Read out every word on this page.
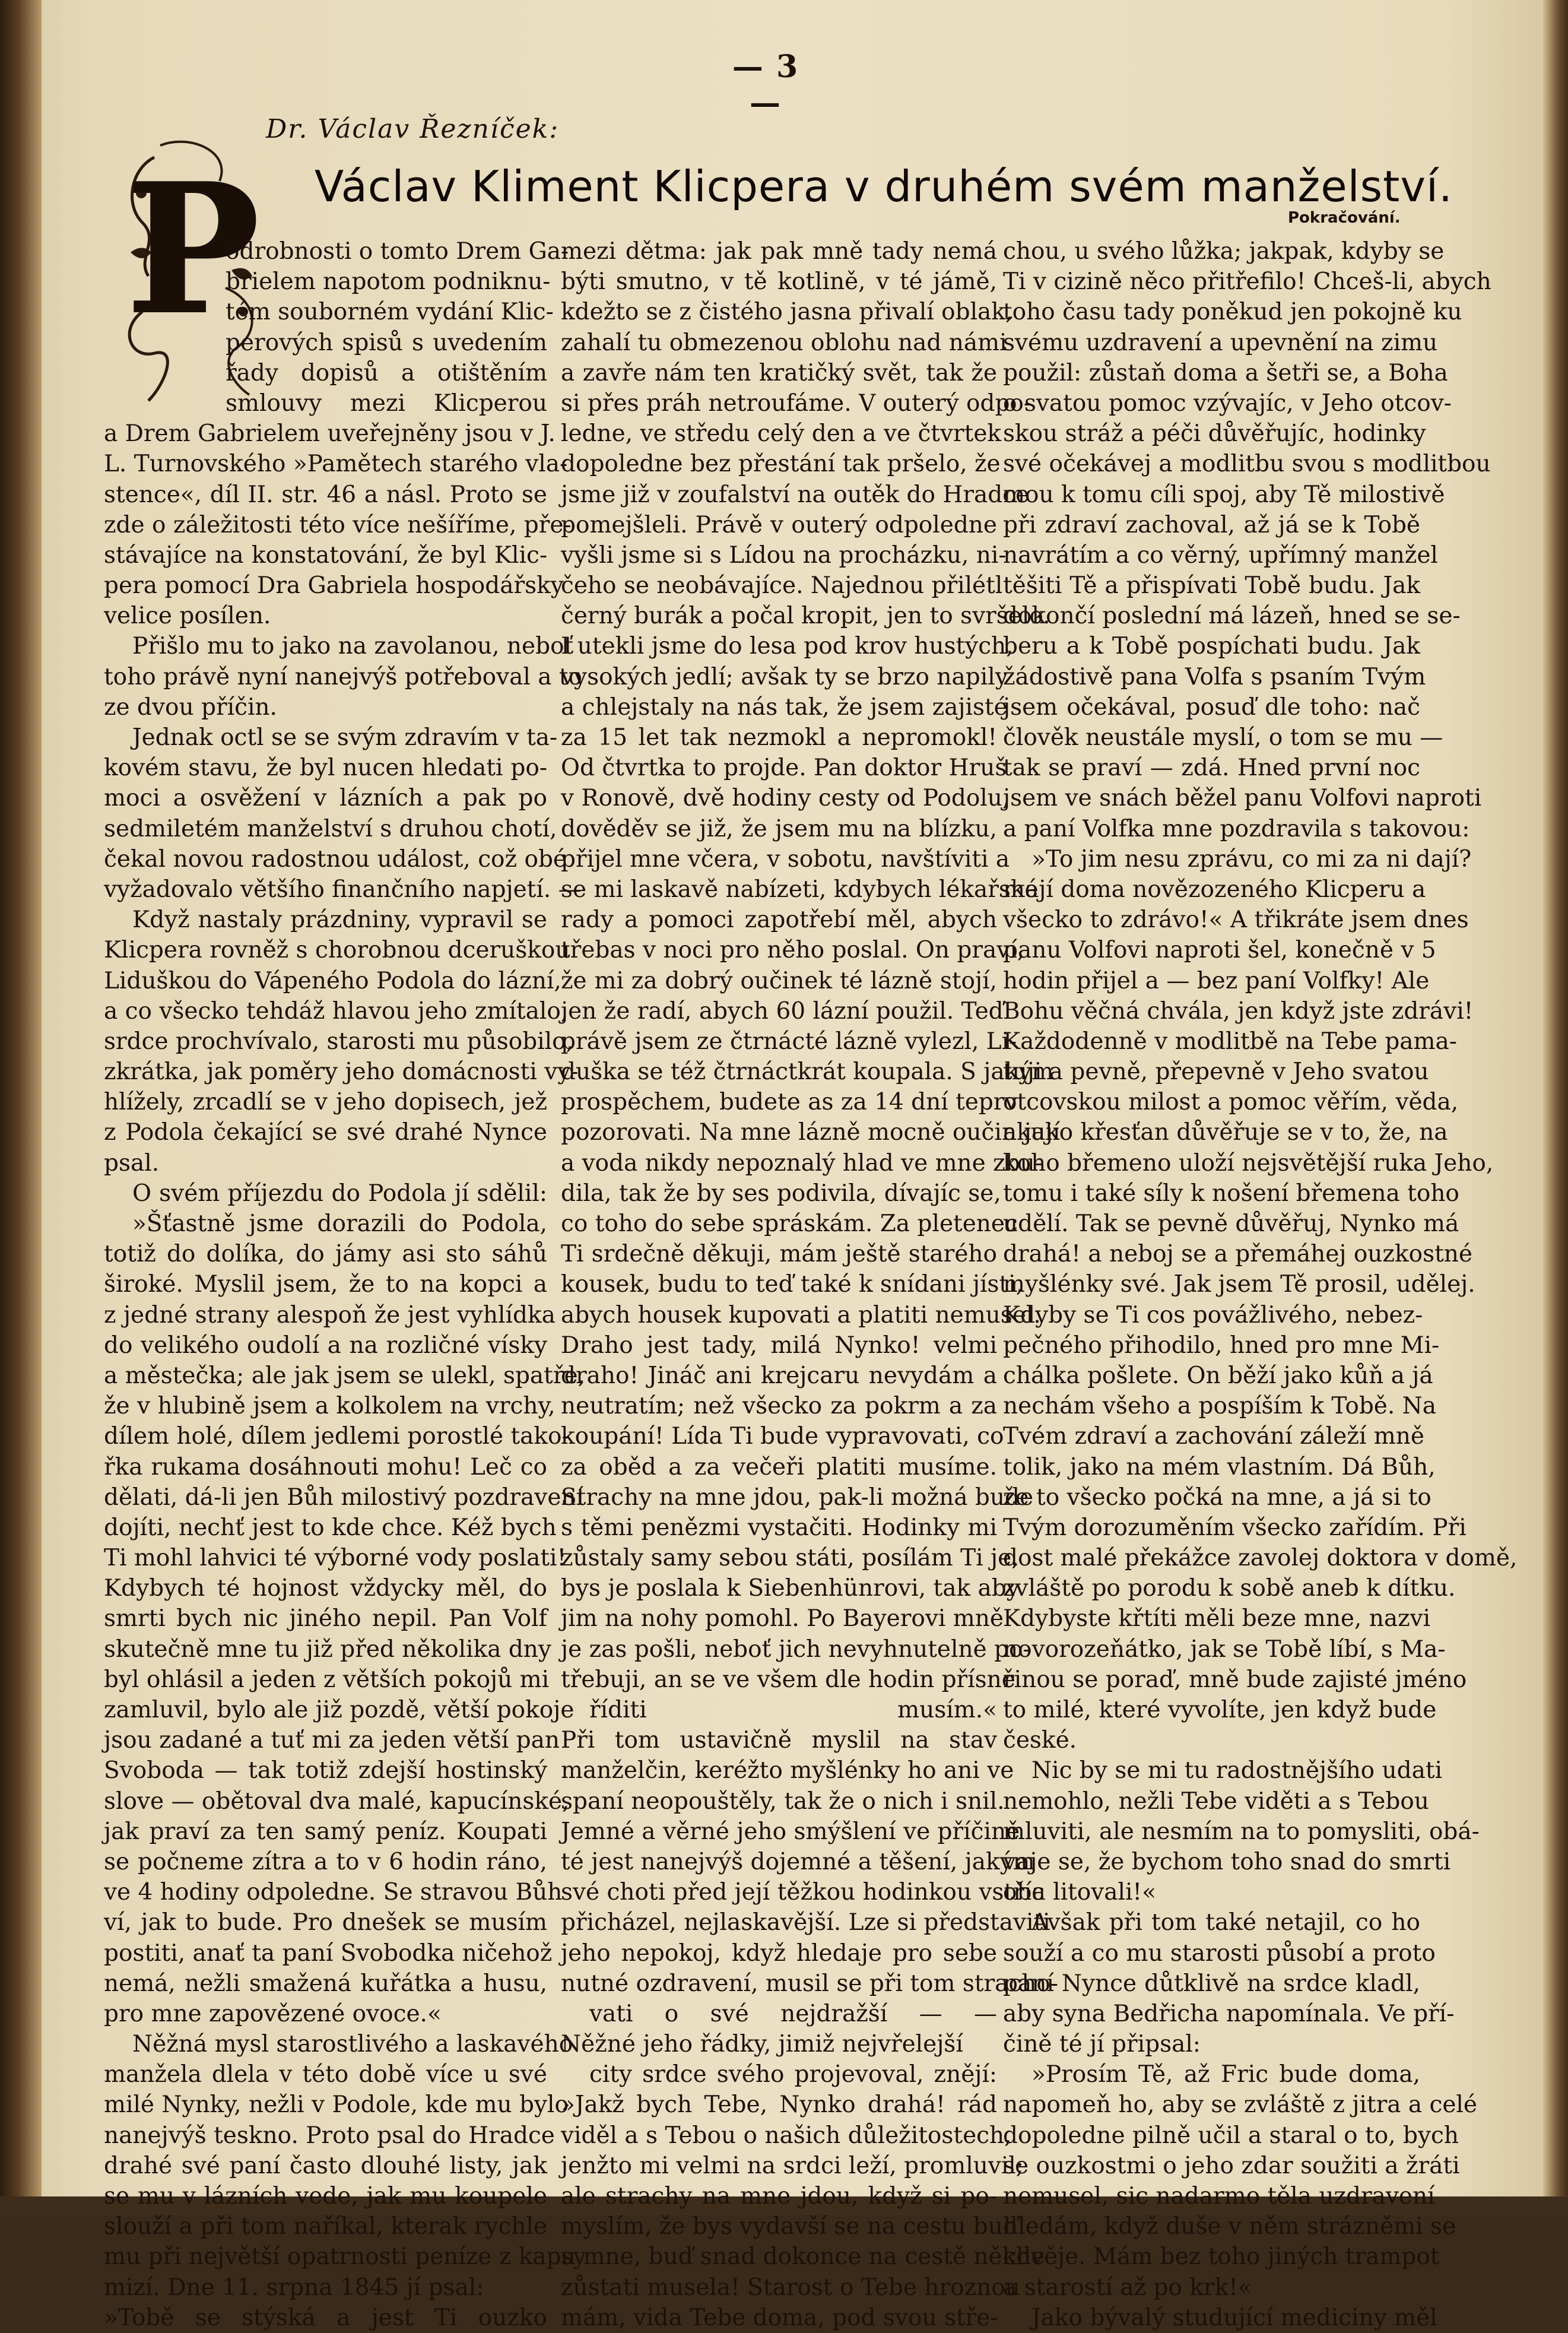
— 3 —
Dr. Václav Řezníček:
Václav Kliment Klicpera v druhém svém manželství.
Pokračování.
P
odrobnosti o tomto Drem Ga-
brielem napotom podniknu-
tém souborném vydání Klic-
perových spisů s uvedením
řady dopisů a otištěním
smlouvy mezi Klicperou
a Drem Gabrielem uveřejněny jsou v J.
L. Turnovského »Pamětech starého vla-
stence«, díl II. str. 46 a násl. Proto se
zde o záležitosti této více nešíříme, pře-
stávajíce na konstatování, že byl Klic-
pera pomocí Dra Gabriela hospodářsky
velice posílen.
Přišlo mu to jako na zavolanou, neboť
toho právě nyní nanejvýš potřeboval a to
ze dvou příčin.
Jednak octl se se svým zdravím v ta-
kovém stavu, že byl nucen hledati po-
moci a osvěžení v lázních a pak po
sedmiletém manželství s druhou chotí,
čekal novou radostnou událost, což obé
vyžadovalo většího finančního napjetí. —
Když nastaly prázdniny, vypravil se
Klicpera rovněž s chorobnou dceruškou
Liduškou do Vápeného Podola do lázní,
a co všecko tehdáž hlavou jeho zmítalo,
srdce prochvívalo, starosti mu působilo,
zkrátka, jak poměry jeho domácnosti vy-
hlížely, zrcadlí se v jeho dopisech, jež
z Podola čekající se své drahé Nynce
psal.
O svém příjezdu do Podola jí sdělil:
»Šťastně jsme dorazili do Podola,
totiž do dolíka, do jámy asi sto sáhů
široké. Myslil jsem, že to na kopci a
z jedné strany alespoň že jest vyhlídka
do velikého oudolí a na rozličné vísky
a městečka; ale jak jsem se ulekl, spatře,
že v hlubině jsem a kolkolem na vrchy,
dílem holé, dílem jedlemi porostlé tako-
řka rukama dosáhnouti mohu! Leč co
dělati, dá-li jen Bůh milostivý pozdravení
dojíti, nechť jest to kde chce. Kéž bych
Ti mohl lahvici té výborné vody poslati!
Kdybych té hojnost vždycky měl, do
smrti bych nic jiného nepil. Pan Volf
skutečně mne tu již před několika dny
byl ohlásil a jeden z větších pokojů mi
zamluvil, bylo ale již pozdě, větší pokoje
jsou zadané a tuť mi za jeden větší pan
Svoboda — tak totiž zdejší hostinský
slove — obětoval dva malé, kapucínské,
jak praví za ten samý peníz. Koupati
se počneme zítra a to v 6 hodin ráno,
ve 4 hodiny odpoledne. Se stravou Bůh
ví, jak to bude. Pro dnešek se musím
postiti, anať ta paní Svobodka ničehož
nemá, nežli smažená kuřátka a husu,
pro mne zapovězené ovoce.«
Něžná mysl starostlivého a laskavého
manžela dlela v této době více u své
milé Nynky, nežli v Podole, kde mu bylo
nanejvýš teskno. Proto psal do Hradce
drahé své paní často dlouhé listy, jak
se mu v lázních vede, jak mu koupele
slouží a při tom naříkal, kterak rychle
mu při největší opatrnosti peníze z kapsy
mizí. Dne 11. srpna 1845 jí psal:
»Tobě se stýská a jest Ti ouzko
mezi dětma: jak pak mně tady nemá
býti smutno, v tě kotlině, v té jámě,
kdežto se z čistého jasna přivalí oblak,
zahalí tu obmezenou oblohu nad námi
a zavře nám ten kratičký svět, tak že
si přes práh netroufáme. V outerý odpo-
ledne, ve středu celý den a ve čtvrtek
dopoledne bez přestání tak pršelo, že
jsme již v zoufalství na outěk do Hradce
pomejšleli. Právě v outerý odpoledne
vyšli jsme si s Lídou na procházku, ni-
čeho se neobávajíce. Najednou přilétl
černý burák a počal kropit, jen to svršelo.
I utekli jsme do lesa pod krov hustých,
vysokých jedlí; avšak ty se brzo napily
a chlejstaly na nás tak, že jsem zajisté
za 15 let tak nezmokl a nepromokl!
Od čtvrtka to projde. Pan doktor Hruš
v Ronově, dvě hodiny cesty od Podolu,
dověděv se již, že jsem mu na blízku,
přijel mne včera, v sobotu, navštíviti a
se mi laskavě nabízeti, kdybych lékařské
rady a pomoci zapotřebí měl, abych
třebas v noci pro něho poslal. On praví,
že mi za dobrý oučinek té lázně stojí,
jen že radí, abych 60 lázní použil. Teď
právě jsem ze čtrnácté lázně vylezl, Li-
duška se též čtrnáctkrát koupala. S jakým
prospěchem, budete as za 14 dní teprv
pozorovati. Na mne lázně mocně oučinkují
a voda nikdy nepoznalý hlad ve mne zbu-
dila, tak že by ses podivila, dívajíc se,
co toho do sebe spráskám. Za pletenec
Ti srdečně děkuji, mám ještě starého
kousek, budu to teď také k snídani jísti,
abych housek kupovati a platiti nemusel.
Draho jest tady, milá Nynko! velmi
draho! Jináč ani krejcaru nevydám a
neutratím; než všecko za pokrm a za
koupání! Lída Ti bude vypravovati, co
za oběd a za večeři platiti musíme.
Strachy na mne jdou, pak-li možná bude
s těmi penězmi vystačiti. Hodinky mi
zůstaly samy sebou státi, posílám Ti je,
bys je poslala k Siebenhünrovi, tak aby
jim na nohy pomohl. Po Bayerovi mně
je zas pošli, neboť jich nevyhnutelně po-
třebuji, an se ve všem dle hodin přísně
říditi musím.«
Při tom ustavičně myslil na stav
manželčin, keréžto myšlénky ho ani ve
spaní neopouštěly, tak že o nich i snil.
Jemné a věrné jeho smýšlení ve příčině
té jest nanejvýš dojemné a těšení, jakým
své choti před její těžkou hodinkou vstříc
přicházel, nejlaskavější. Lze si představiti
jeho nepokoj, když hledaje pro sebe
nutné ozdravení, musil se při tom stracho-
vati o své nejdražší — —
Něžné jeho řádky, jimiž nejvřelejší
city srdce svého projevoval, znějí:
»Jakž bych Tebe, Nynko drahá! rád
viděl a s Tebou o našich důležitostech,
jenžto mi velmi na srdci leží, promluvil;
ale strachy na mne jdou, když si po-
myslím, že bys vydavší se na cestu buď
u mne, buď snad dokonce na cestě někde
zůstati musela! Starost o Tebe hroznou
mám, vida Tebe doma, pod svou stře-
chou, u svého lůžka; jakpak, kdyby se
Ti v cizině něco přitřefilo! Chceš-li, abych
toho času tady poněkud jen pokojně ku
svému uzdravení a upevnění na zimu
použil: zůstaň doma a šetři se, a Boha
o svatou pomoc vzývajíc, v Jeho otcov-
skou stráž a péči důvěřujíc, hodinky
své očekávej a modlitbu svou s modlitbou
mou k tomu cíli spoj, aby Tě milostivě
při zdraví zachoval, až já se k Tobě
navrátím a co věrný, upřímný manžel
těšiti Tě a přispívati Tobě budu. Jak
dokončí poslední má lázeň, hned se se-
beru a k Tobě pospíchati budu. Jak
žádostivě pana Volfa s psaním Tvým
jsem očekával, posuď dle toho: nač
člověk neustále myslí, o tom se mu —
tak se praví — zdá. Hned první noc
jsem ve snách běžel panu Volfovi naproti
a paní Volfka mne pozdravila s takovou:
»To jim nesu zprávu, co mi za ni dají?
mají doma novězozeného Klicperu a
všecko to zdrávo!« A třikráte jsem dnes
panu Volfovi naproti šel, konečně v 5
hodin přijel a — bez paní Volfky! Ale
Bohu věčná chvála, jen když jste zdrávi!
Každodenně v modlitbě na Tebe pama-
tuji a pevně, přepevně v Jeho svatou
otcovskou milost a pomoc věřím, věda,
a jako křesťan důvěřuje se v to, že, na
koho břemeno uloží nejsvětější ruka Jeho,
tomu i také síly k nošení břemena toho
udělí. Tak se pevně důvěřuj, Nynko má
drahá! a neboj se a přemáhej ouzkostné
myšlénky své. Jak jsem Tě prosil, udělej.
Kdyby se Ti cos povážlivého, nebez-
pečného přihodilo, hned pro mne Mi-
chálka pošlete. On běží jako kůň a já
nechám všeho a pospíším k Tobě. Na
Tvém zdraví a zachování záleží mně
tolik, jako na mém vlastním. Dá Bůh,
že to všecko počká na mne, a já si to
Tvým dorozuměním všecko zařídím. Při
dost malé překážce zavolej doktora v domě,
zvláště po porodu k sobě aneb k dítku.
Kdybyste křtíti měli beze mne, nazvi
novorozeňátko, jak se Tobě líbí, s Ma-
rinou se poraď, mně bude zajisté jméno
to milé, které vyvolíte, jen když bude
české.
Nic by se mi tu radostnějšího udati
nemohlo, nežli Tebe viděti a s Tebou
mluviti, ale nesmím na to pomysliti, obá-
vaje se, že bychom toho snad do smrti
oba litovali!«
Avšak při tom také netajil, co ho
souží a co mu starosti působí a proto
paní Nynce důtklivě na srdce kladl,
aby syna Bedřicha napomínala. Ve pří-
čině té jí připsal:
»Prosím Tě, až Fric bude doma,
napomeň ho, aby se zvláště z jitra a celé
dopoledne pilně učil a staral o to, bych
se ouzkostmi o jeho zdar soužiti a žráti
nemusel, sic nadarmo těla uzdravení
hledám, když duše v něm strázněmi se
chvěje. Mám bez toho jiných trampot
a starostí až po krk!«
Jako bývalý studující mediciny měl
